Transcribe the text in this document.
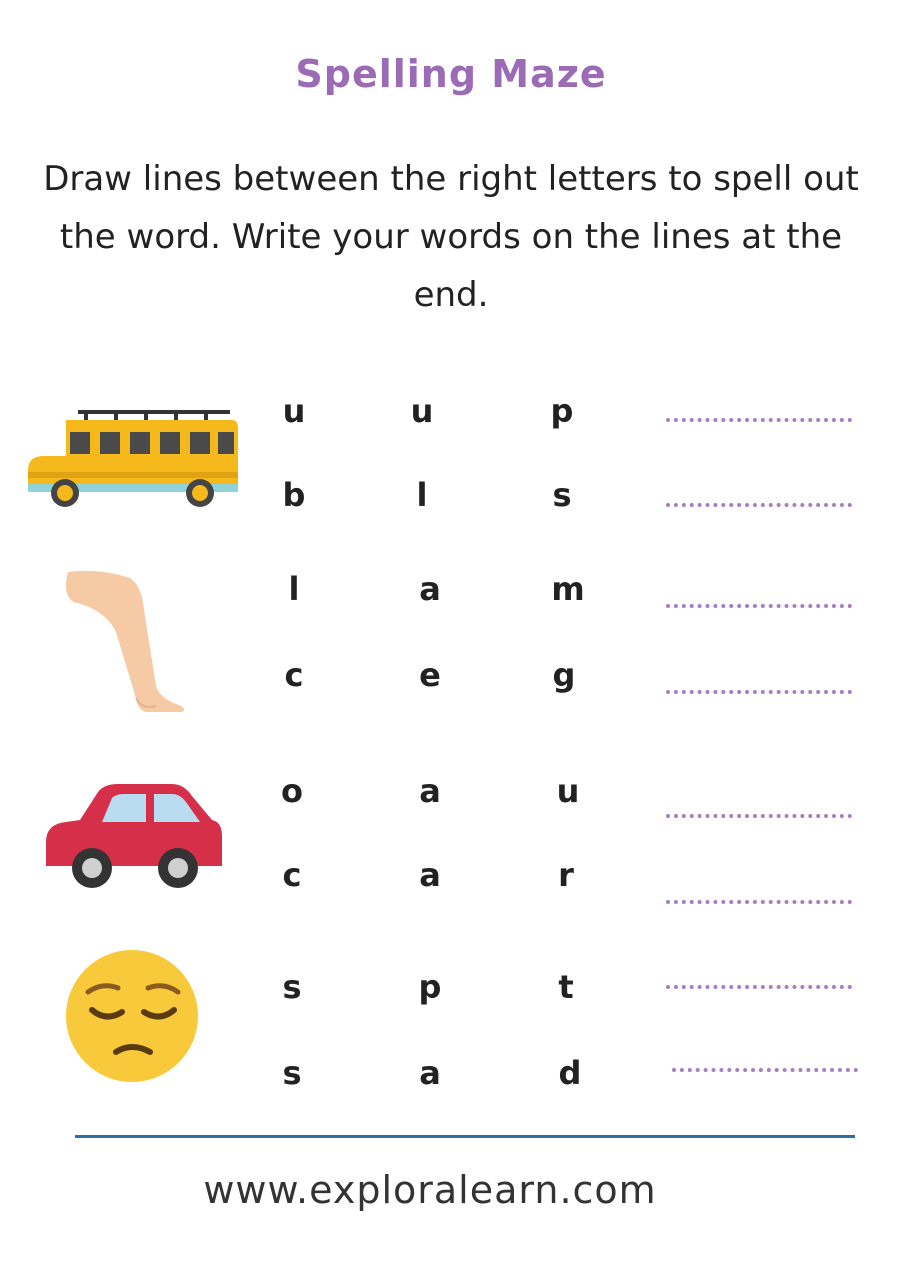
Spelling Maze

Draw lines between the right letters to spell out the word. Write your words on the lines at the end.

u	u	p
b	l	s
l	a	m
c	e	g
o	a	u
c	a	r
s	p	t
s	a	d
www.exploralearn.com
